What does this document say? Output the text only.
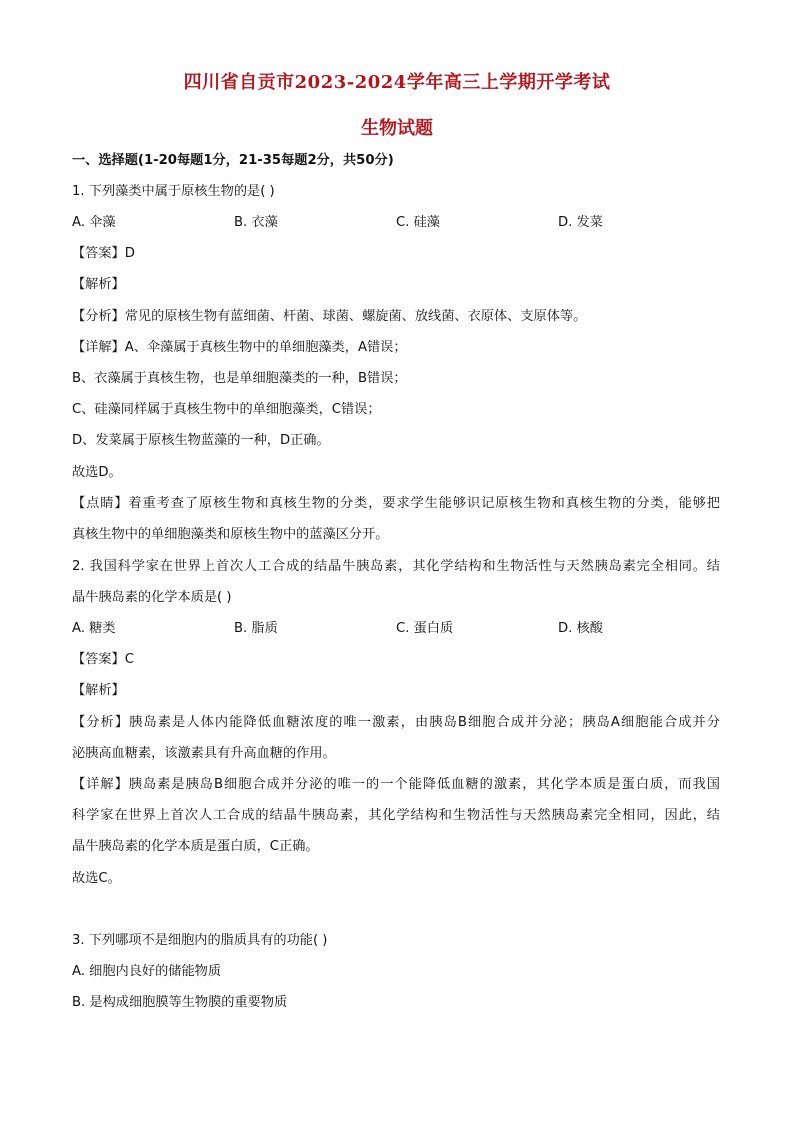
四川省自贡市2023-2024学年高三上学期开学考试
生物试题
一、选择题(1-20每题1分，21-35每题2分，共50分)
1. 下列藻类中属于原核生物的是( )
A. 伞藻	B. 衣藻	C. 硅藻	D. 发菜
【答案】D
【解析】
【分析】常见的原核生物有蓝细菌、杆菌、球菌、螺旋菌、放线菌、衣原体、支原体等。
【详解】A、伞藻属于真核生物中的单细胞藻类，A错误；
B、衣藻属于真核生物，也是单细胞藻类的一种，B错误；
C、硅藻同样属于真核生物中的单细胞藻类，C错误；
D、发菜属于原核生物蓝藻的一种，D正确。
故选D。
【点睛】着重考查了原核生物和真核生物的分类，要求学生能够识记原核生物和真核生物的分类，能够把
真核生物中的单细胞藻类和原核生物中的蓝藻区分开。
2. 我国科学家在世界上首次人工合成的结晶牛胰岛素，其化学结构和生物活性与天然胰岛素完全相同。结
晶牛胰岛素的化学本质是( )
A. 糖类	B. 脂质	C. 蛋白质	D. 核酸
【答案】C
【解析】
【分析】胰岛素是人体内能降低血糖浓度的唯一激素，由胰岛B细胞合成并分泌；胰岛A细胞能合成并分
泌胰高血糖素，该激素具有升高血糖的作用。
【详解】胰岛素是胰岛B细胞合成并分泌的唯一的一个能降低血糖的激素，其化学本质是蛋白质，而我国
科学家在世界上首次人工合成的结晶牛胰岛素，其化学结构和生物活性与天然胰岛素完全相同，因此，结
晶牛胰岛素的化学本质是蛋白质，C正确。
故选C。
3. 下列哪项不是细胞内的脂质具有的功能( )
A. 细胞内良好的储能物质
B. 是构成细胞膜等生物膜的重要物质
